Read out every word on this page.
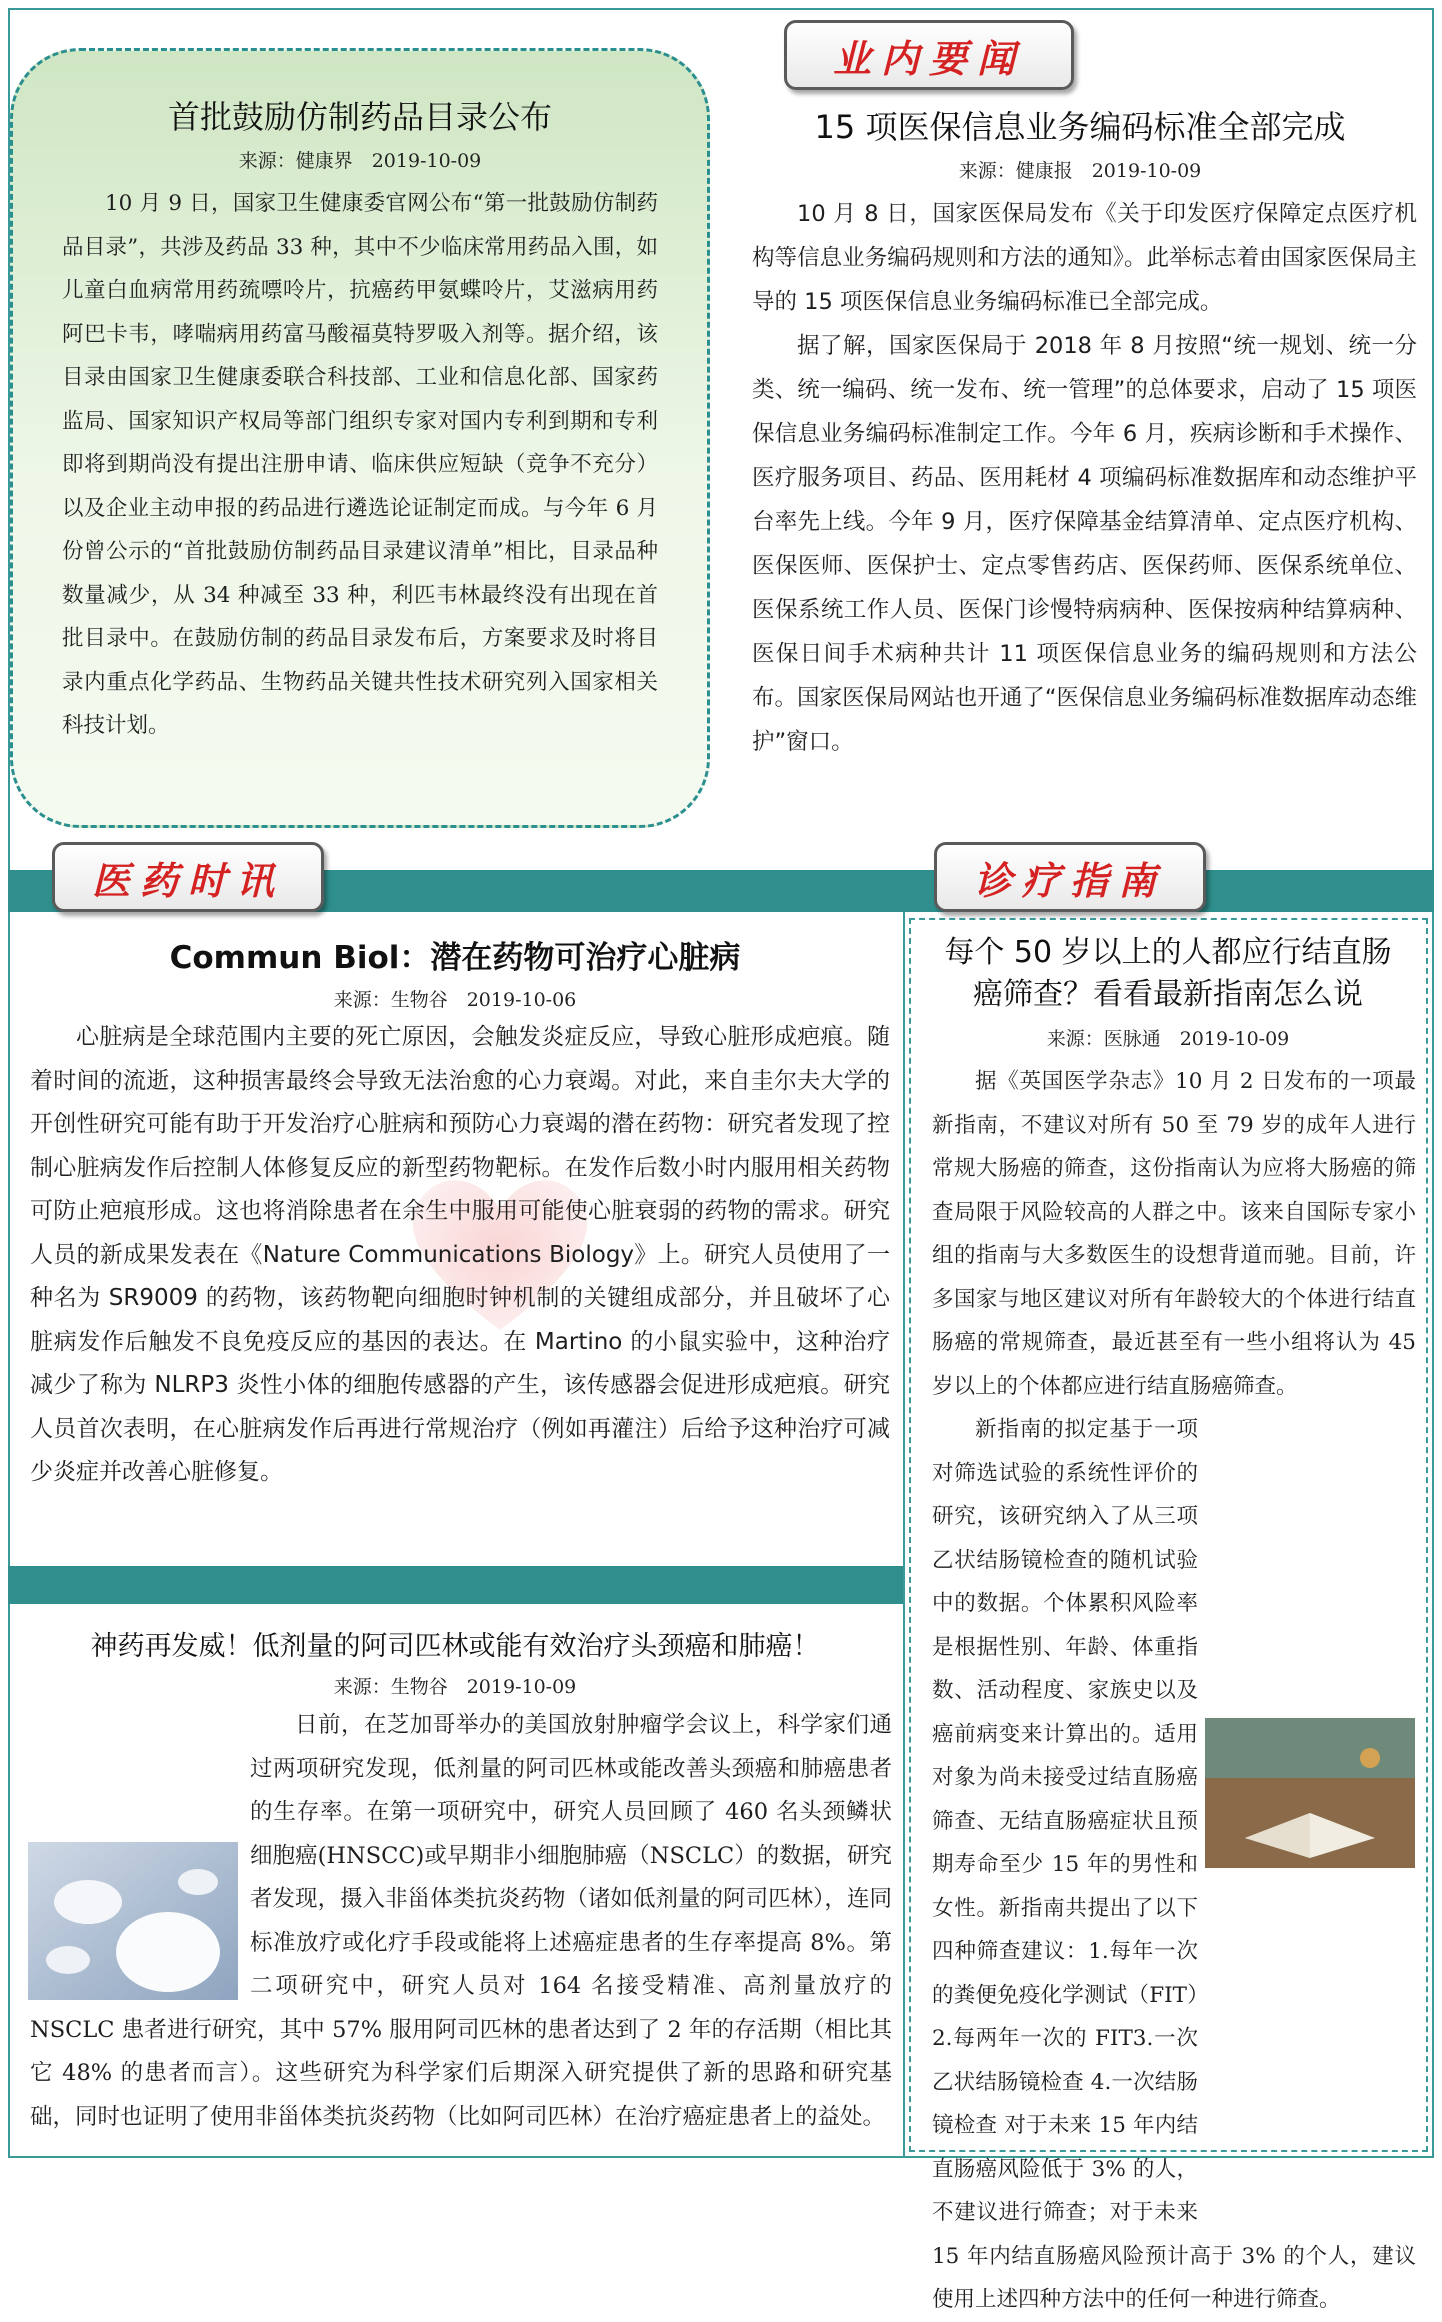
首批鼓励仿制药品目录公布
来源：健康界　2019-10-09

10 月 9 日，国家卫生健康委官网公布“第一批鼓励仿制药品目录”，共涉及药品 33 种，其中不少临床常用药品入围，如儿童白血病常用药巯嘌呤片，抗癌药甲氨蝶呤片，艾滋病用药阿巴卡韦，哮喘病用药富马酸福莫特罗吸入剂等。据介绍，该目录由国家卫生健康委联合科技部、工业和信息化部、国家药监局、国家知识产权局等部门组织专家对国内专利到期和专利即将到期尚没有提出注册申请、临床供应短缺（竞争不充分）以及企业主动申报的药品进行遴选论证制定而成。与今年 6 月份曾公示的“首批鼓励仿制药品目录建议清单”相比，目录品种数量减少，从 34 种减至 33 种，利匹韦林最终没有出现在首批目录中。在鼓励仿制的药品目录发布后，方案要求及时将目录内重点化学药品、生物药品关键共性技术研究列入国家相关科技计划。

业内要闻
15 项医保信息业务编码标准全部完成
来源：健康报　2019-10-09

10 月 8 日，国家医保局发布《关于印发医疗保障定点医疗机构等信息业务编码规则和方法的通知》。此举标志着由国家医保局主导的 15 项医保信息业务编码标准已全部完成。

据了解，国家医保局于 2018 年 8 月按照“统一规划、统一分类、统一编码、统一发布、统一管理”的总体要求，启动了 15 项医保信息业务编码标准制定工作。今年 6 月，疾病诊断和手术操作、医疗服务项目、药品、医用耗材 4 项编码标准数据库和动态维护平台率先上线。今年 9 月，医疗保障基金结算清单、定点医疗机构、医保医师、医保护士、定点零售药店、医保药师、医保系统单位、医保系统工作人员、医保门诊慢特病病种、医保按病种结算病种、医保日间手术病种共计 11 项医保信息业务的编码规则和方法公布。国家医保局网站也开通了“医保信息业务编码标准数据库动态维护”窗口。

医药时讯	诊疗指南
Commun Biol：潜在药物可治疗心脏病
来源：生物谷　2019-10-06

心脏病是全球范围内主要的死亡原因，会触发炎症反应，导致心脏形成疤痕。随着时间的流逝，这种损害最终会导致无法治愈的心力衰竭。对此，来自圭尔夫大学的开创性研究可能有助于开发治疗心脏病和预防心力衰竭的潜在药物：研究者发现了控制心脏病发作后控制人体修复反应的新型药物靶标。在发作后数小时内服用相关药物可防止疤痕形成。这也将消除患者在余生中服用可能使心脏衰弱的药物的需求。研究人员的新成果发表在《Nature Communications Biology》上。研究人员使用了一种名为 SR9009 的药物，该药物靶向细胞时钟机制的关键组成部分，并且破坏了心脏病发作后触发不良免疫反应的基因的表达。在 Martino 的小鼠实验中，这种治疗减少了称为 NLRP3 炎性小体的细胞传感器的产生，该传感器会促进形成疤痕。研究人员首次表明，在心脏病发作后再进行常规治疗（例如再灌注）后给予这种治疗可减少炎症并改善心脏修复。

神药再发威！低剂量的阿司匹林或能有效治疗头颈癌和肺癌！
来源：生物谷　2019-10-09

日前，在芝加哥举办的美国放射肿瘤学会议上，科学家们通过两项研究发现，低剂量的阿司匹林或能改善头颈癌和肺癌患者的生存率。在第一项研究中，研究人员回顾了 460 名头颈鳞状细胞癌(HNSCC)或早期非小细胞肺癌（NSCLC）的数据，研究者发现，摄入非甾体类抗炎药物（诸如低剂量的阿司匹林），连同标准放疗或化疗手段或能将上述癌症患者的生存率提高 8%。第二项研究中，研究人员对 164 名接受精准、高剂量放疗的 NSCLC 患者进行研究，其中 57% 服用阿司匹林的患者达到了 2 年的存活期（相比其它 48% 的患者而言）。这些研究为科学家们后期深入研究提供了新的思路和研究基础，同时也证明了使用非甾体类抗炎药物（比如阿司匹林）在治疗癌症患者上的益处。

每个 50 岁以上的人都应行结直肠
癌筛查？看看最新指南怎么说
来源：医脉通　2019-10-09

据《英国医学杂志》10 月 2 日发布的一项最新指南，不建议对所有 50 至 79 岁的成年人进行常规大肠癌的筛查，这份指南认为应将大肠癌的筛查局限于风险较高的人群之中。该来自国际专家小组的指南与大多数医生的设想背道而驰。目前，许多国家与地区建议对所有年龄较大的个体进行结直肠癌的常规筛查，最近甚至有一些小组将认为 45 岁以上的个体都应进行结直肠癌筛查。

新指南的拟定基于一项对筛选试验的系统性评价的研究，该研究纳入了从三项乙状结肠镜检查的随机试验中的数据。个体累积风险率是根据性别、年龄、体重指数、活动程度、家族史以及癌前病变来计算出的。适用对象为尚未接受过结直肠癌筛查、无结直肠癌症状且预期寿命至少 15 年的男性和女性。新指南共提出了以下四种筛查建议：1.每年一次的粪便免疫化学测试（FIT）2.每两年一次的 FIT3.一次乙状结肠镜检查 4.一次结肠镜检查 对于未来 15 年内结直肠癌风险低于 3% 的人，不建议进行筛查；对于未来 15 年内结直肠癌风险预计高于 3% 的个人，建议使用上述四种方法中的任何一种进行筛查。
